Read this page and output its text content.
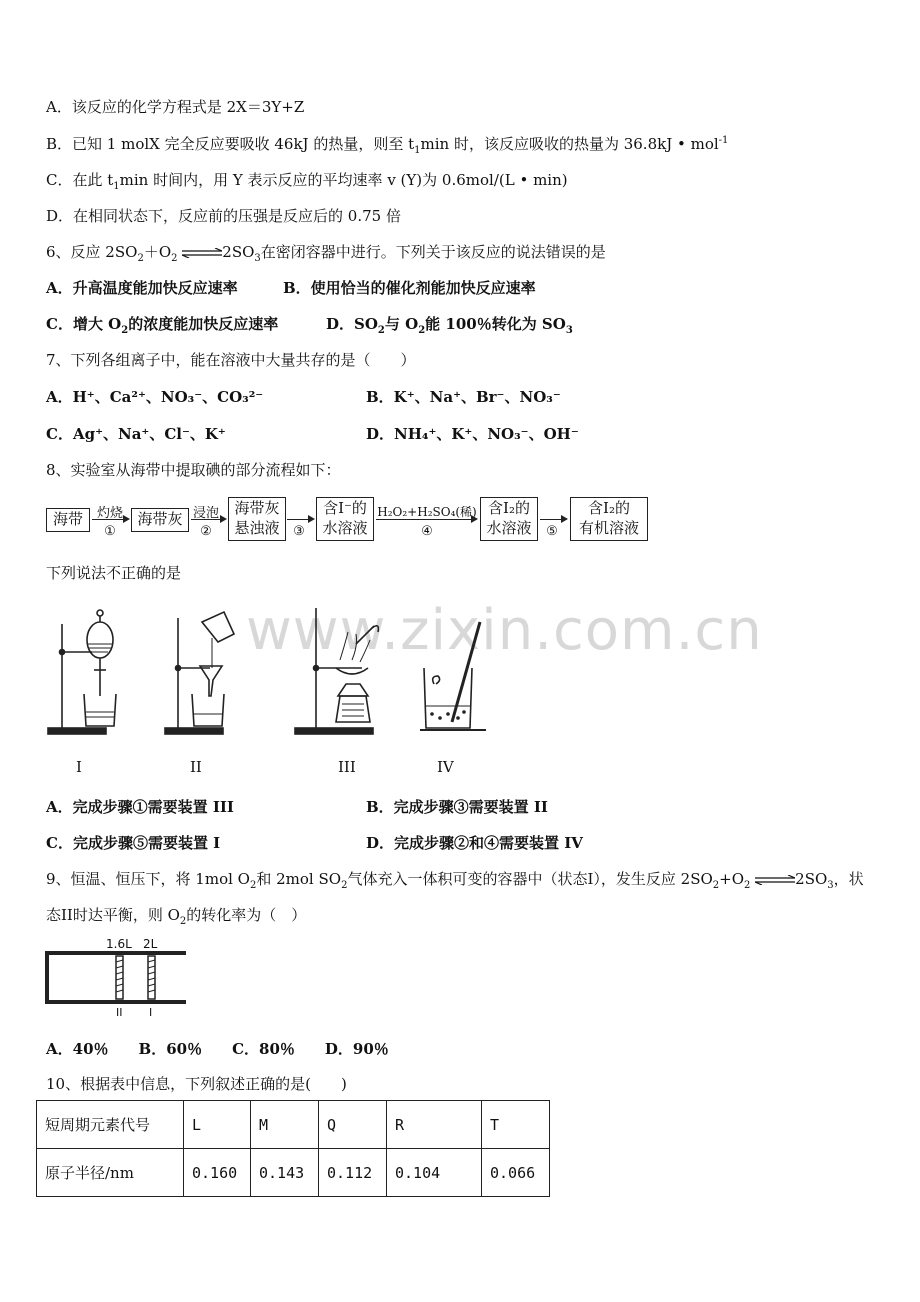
www.zixin.com.cn
A．该反应的化学方程式是 2X＝3Y+Z
B．已知 1 molX 完全反应要吸收 46kJ 的热量，则至 $t_1\min$ 时，该反应吸收的热量为 36.8kJ • mol$^{-1}$
C．在此 $t_1\min$ 时间内，用 Y 表示反应的平均速率 v (Y)为 0.6mol/(L • min)
D．在相同状态下，反应前的压强是反应后的 0.75 倍
6、反应 $2SO_2+O_2$ $\rightleftharpoons 2SO_3$在密闭容器中进行。下列关于该反应的说法错误的是
A．升高温度能加快反应速率	B．使用恰当的催化剂能加快反应速率
C．增大 $O_2$的浓度能加快反应速率	D．$SO_2$与 $O_2$能 100％转化为 $SO_3$
7、下列各组离子中，能在溶液中大量共存的是（　　）
A．H⁺、Ca²⁺、NO₃⁻、CO₃²⁻	B．K⁺、Na⁺、Br⁻、NO₃⁻
C．Ag⁺、Na⁺、Cl⁻、K⁺	D．NH₄⁺、K⁺、NO₃⁻、OH⁻
8、实验室从海带中提取碘的部分流程如下：
海带	灼烧
①
海带灰 浸泡
②
海带灰
悬浊液	③
含I⁻的
水溶液
H₂O₂+H₂SO₄(稀)
④
含I₂的
水溶液	⑤
含I₂的
有机溶液
下列说法不正确的是
I	II	III	IV
A．完成步骤①需要装置 III	B．完成步骤③需要装置 II
C．完成步骤⑤需要装置 I	D．完成步骤②和④需要装置 IV
9、恒温、恒压下，将 1mol $O_2$和 2mol $SO_2$气体充入一体积可变的容器中（状态I），发生反应 $2SO_2+O_2$ $\rightleftharpoons 2SO_3$，状
态II时达平衡，则 $O_2$的转化率为（　）
1.6L 2L
II I
A．40％　　B．60％　　C．80％　　D．90％
10、根据表中信息，下列叙述正确的是(　　)
短周期元素代号	L	M	Q	R	T
原子半径/nm	0.160	0.143	0.112	0.104	0.066
